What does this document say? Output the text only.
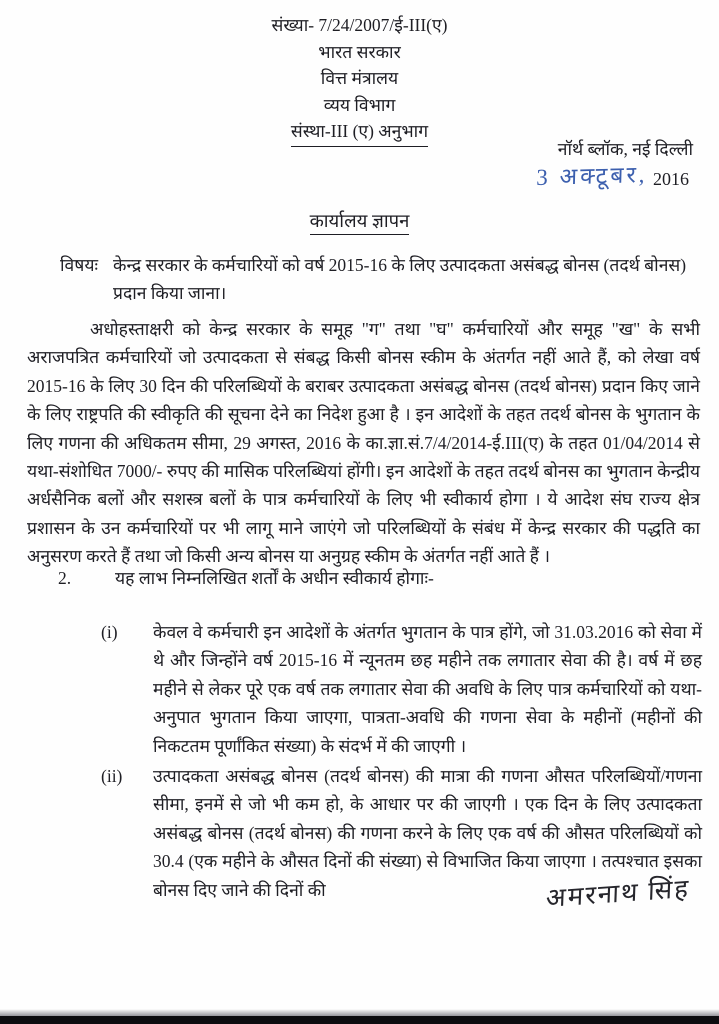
संख्या- 7/24/2007/ई-III(ए)
भारत सरकार
वित्त मंत्रालय
व्यय विभाग
संस्था-III (ए) अनुभाग
नॉर्थ ब्लॉक, नई दिल्ली
3 अक्टूबर, 2016
कार्यालय ज्ञापन
विषयः केन्द्र सरकार के कर्मचारियों को वर्ष 2015-16 के लिए उत्पादकता असंबद्ध बोनस (तदर्थ बोनस) प्रदान किया जाना।
अधोहस्ताक्षरी को केन्द्र सरकार के समूह "ग" तथा "घ" कर्मचारियों और समूह "ख" के सभी अराजपत्रित कर्मचारियों जो उत्पादकता से संबद्ध किसी बोनस स्कीम के अंतर्गत नहीं आते हैं, को लेखा वर्ष 2015-16 के लिए 30 दिन की परिलब्धियों के बराबर उत्पादकता असंबद्ध बोनस (तदर्थ बोनस) प्रदान किए जाने के लिए राष्ट्रपति की स्वीकृति की सूचना देने का निदेश हुआ है । इन आदेशों के तहत तदर्थ बोनस के भुगतान के लिए गणना की अधिकतम सीमा, 29 अगस्त, 2016 के का.ज्ञा.सं.7/4/2014-ई.III(ए) के तहत 01/04/2014 से यथा-संशोधित 7000/- रुपए की मासिक परिलब्धियां होंगी। इन आदेशों के तहत तदर्थ बोनस का भुगतान केन्द्रीय अर्धसैनिक बलों और सशस्त्र बलों के पात्र कर्मचारियों के लिए भी स्वीकार्य होगा । ये आदेश संघ राज्य क्षेत्र प्रशासन के उन कर्मचारियों पर भी लागू माने जाएंगे जो परिलब्धियों के संबंध में केन्द्र सरकार की पद्धति का अनुसरण करते हैं तथा जो किसी अन्य बोनस या अनुग्रह स्कीम के अंतर्गत नहीं आते हैं ।
2.	यह लाभ निम्नलिखित शर्तों के अधीन स्वीकार्य होगाः-
(i)	केवल वे कर्मचारी इन आदेशों के अंतर्गत भुगतान के पात्र होंगे, जो 31.03.2016 को सेवा में थे और जिन्होंने वर्ष 2015-16 में न्यूनतम छह महीने तक लगातार सेवा की है। वर्ष में छह महीने से लेकर पूरे एक वर्ष तक लगातार सेवा की अवधि के लिए पात्र कर्मचारियों को यथा-अनुपात भुगतान किया जाएगा, पात्रता-अवधि की गणना सेवा के महीनों (महीनों की निकटतम पूर्णांकित संख्या) के संदर्भ में की जाएगी ।
(ii)	उत्पादकता असंबद्ध बोनस (तदर्थ बोनस) की मात्रा की गणना औसत परिलब्धियों/गणना सीमा, इनमें से जो भी कम हो, के आधार पर की जाएगी । एक दिन के लिए उत्पादकता असंबद्ध बोनस (तदर्थ बोनस) की गणना करने के लिए एक वर्ष की औसत परिलब्धियों को 30.4 (एक महीने के औसत दिनों की संख्या) से विभाजित किया जाएगा । तत्पश्चात इसका बोनस दिए जाने की दिनों की	अमरनाथ सिंह
